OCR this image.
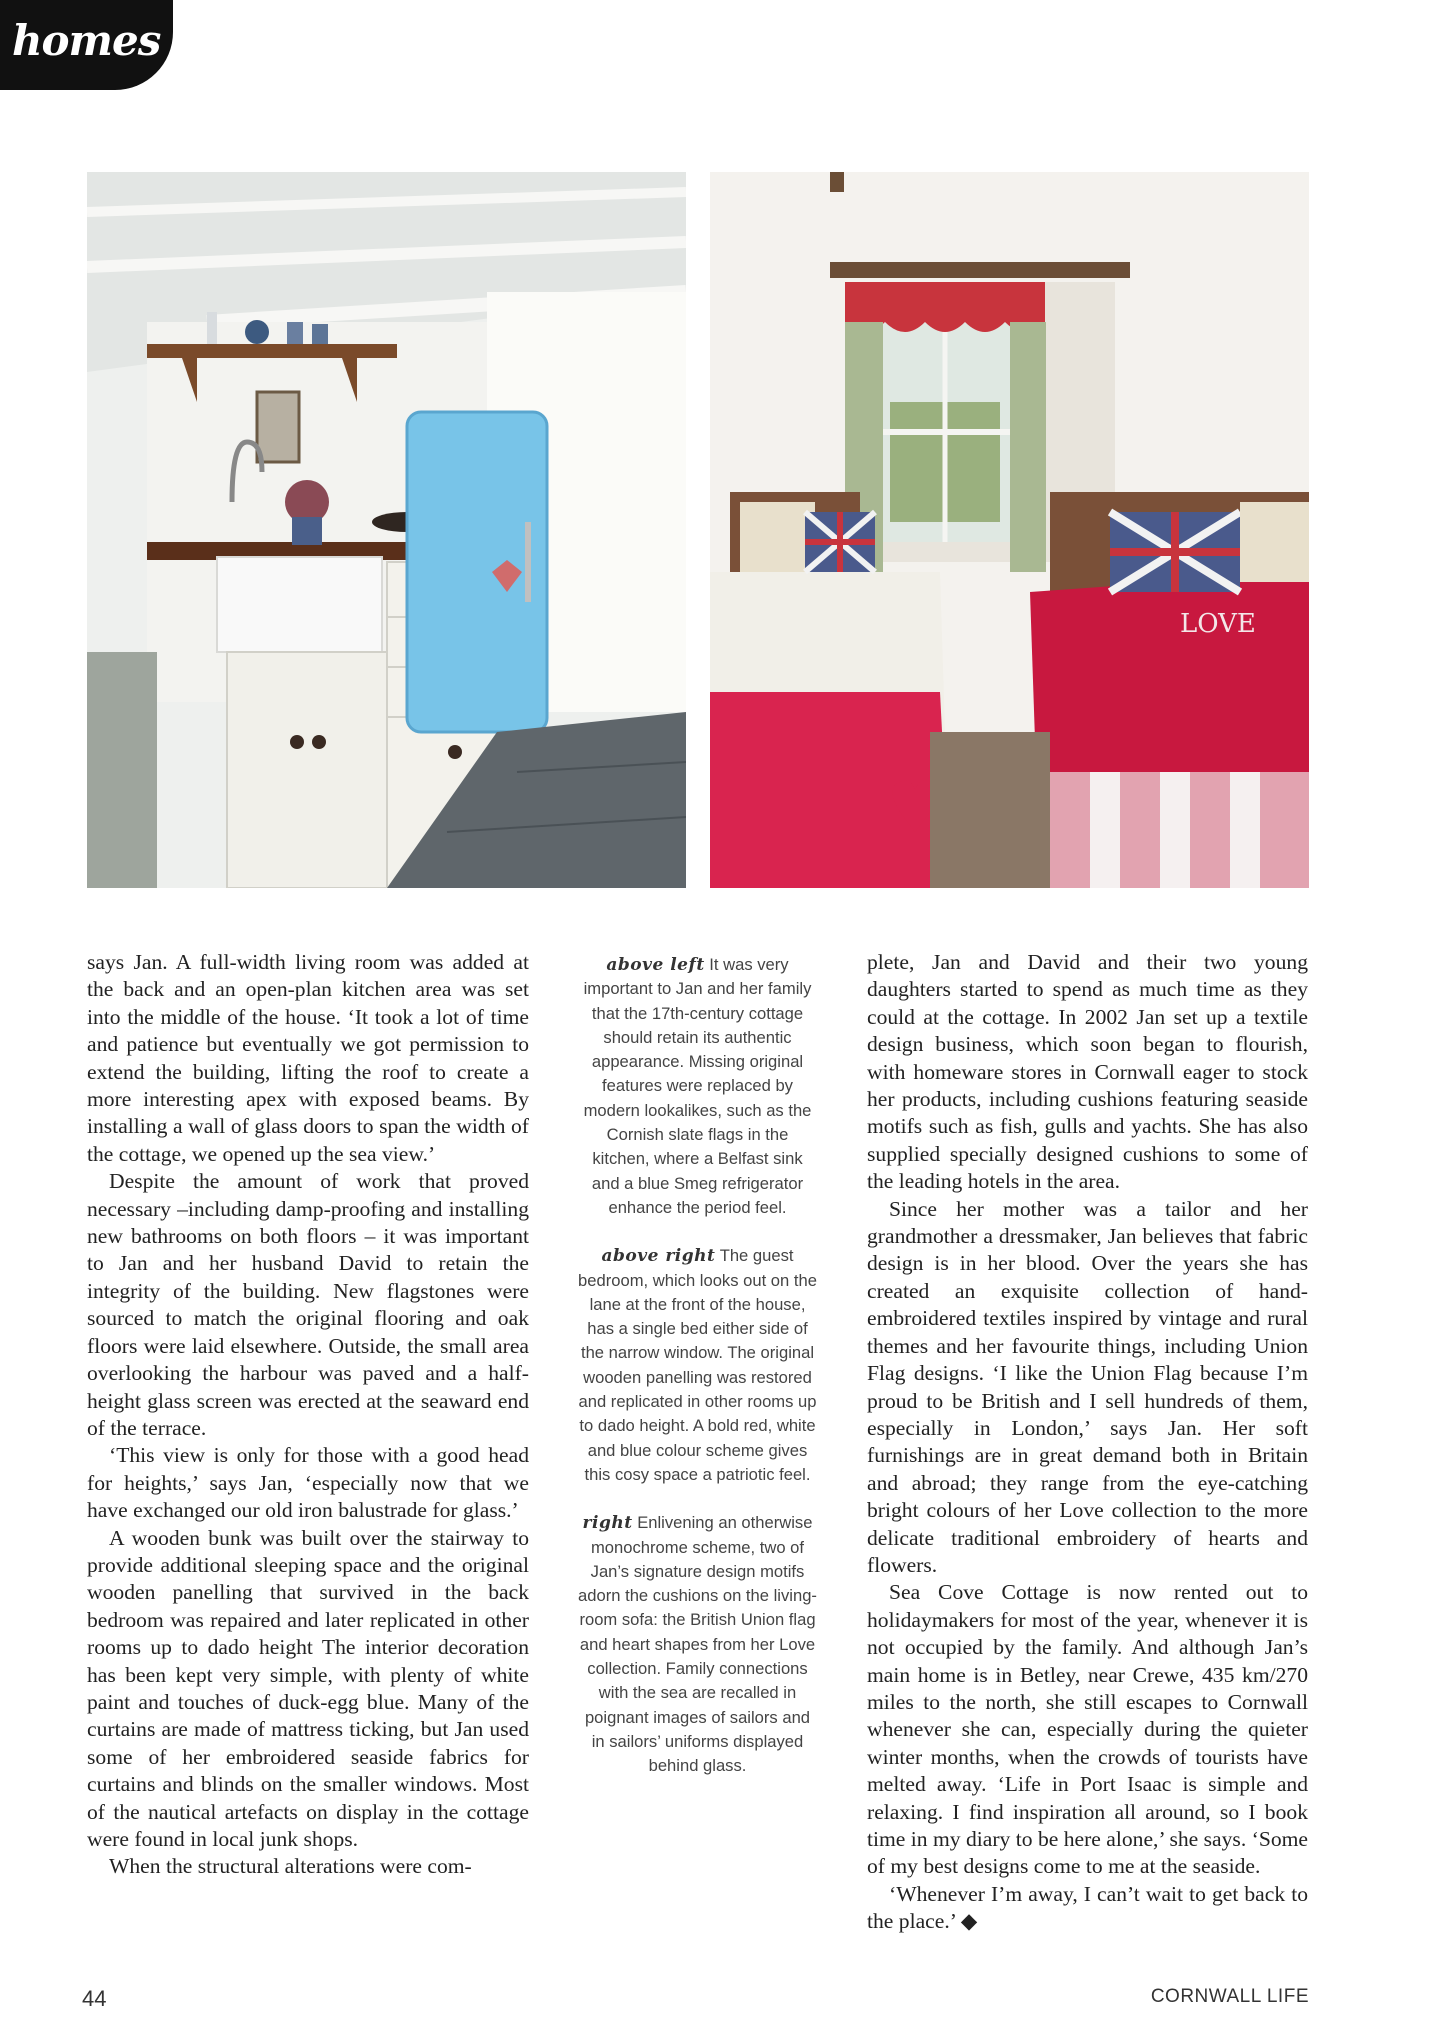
homes
LOVE

says Jan. A full-width living room was added at the back and an open-plan kitchen area was set into the middle of the house. ‘It took a lot of time and patience but eventually we got permission to extend the building, lifting the roof to create a more interesting apex with exposed beams. By installing a wall of glass doors to span the width of the cottage, we opened up the sea view.’

Despite the amount of work that proved necessary –including damp-proofing and installing new bathrooms on both floors – it was important to Jan and her husband David to retain the integrity of the building. New flagstones were sourced to match the original flooring and oak floors were laid elsewhere. Outside, the small area overlooking the harbour was paved and a half-height glass screen was erected at the seaward end of the terrace.

‘This view is only for those with a good head for heights,’ says Jan, ‘especially now that we have exchanged our old iron balustrade for glass.’

A wooden bunk was built over the stairway to provide additional sleeping space and the original wooden panelling that survived in the back bedroom was repaired and later replicated in other rooms up to dado height The interior decoration has been kept very simple, with plenty of white paint and touches of duck-egg blue. Many of the curtains are made of mattress ticking, but Jan used some of her embroidered seaside fabrics for curtains and blinds on the smaller windows. Most of the nautical artefacts on display in the cottage were found in local junk shops.

When the structural alterations were com-

above left It was very important to Jan and her family that the 17th-century cottage should retain its authentic appearance. Missing original features were replaced by modern lookalikes, such as the Cornish slate flags in the kitchen, where a Belfast sink and a blue Smeg refrigerator enhance the period feel.

above right The guest bedroom, which looks out on the lane at the front of the house, has a single bed either side of the narrow window. The original wooden panelling was restored and replicated in other rooms up to dado height. A bold red, white and blue colour scheme gives this cosy space a patriotic feel.

right Enlivening an otherwise monochrome scheme, two of Jan’s signature design motifs adorn the cushions on the living-room sofa: the British Union flag and heart shapes from her Love collection. Family connections with the sea are recalled in poignant images of sailors and in sailors’ uniforms displayed behind glass.

plete, Jan and David and their two young daughters started to spend as much time as they could at the cottage. In 2002 Jan set up a textile design business, which soon began to flourish, with homeware stores in Cornwall eager to stock her products, including cushions featuring seaside motifs such as fish, gulls and yachts. She has also supplied specially designed cushions to some of the leading hotels in the area.

Since her mother was a tailor and her grandmother a dressmaker, Jan believes that fabric design is in her blood. Over the years she has created an exquisite collection of hand-embroidered textiles inspired by vintage and rural themes and her favourite things, including Union Flag designs. ‘I like the Union Flag because I’m proud to be British and I sell hundreds of them, especially in London,’ says Jan. Her soft furnishings are in great demand both in Britain and abroad; they range from the eye-catching bright colours of her Love collection to the more delicate traditional embroidery of hearts and flowers.

Sea Cove Cottage is now rented out to holidaymakers for most of the year, whenever it is not occupied by the family. And although Jan’s main home is in Betley, near Crewe, 435 km/270 miles to the north, she still escapes to Cornwall whenever she can, especially during the quieter winter months, when the crowds of tourists have melted away. ‘Life in Port Isaac is simple and relaxing. I find inspiration all around, so I book time in my diary to be here alone,’ she says. ‘Some of my best designs come to me at the seaside.

‘Whenever I’m away, I can’t wait to get back to the place.’ ◆

44	CORNWALL LIFE
